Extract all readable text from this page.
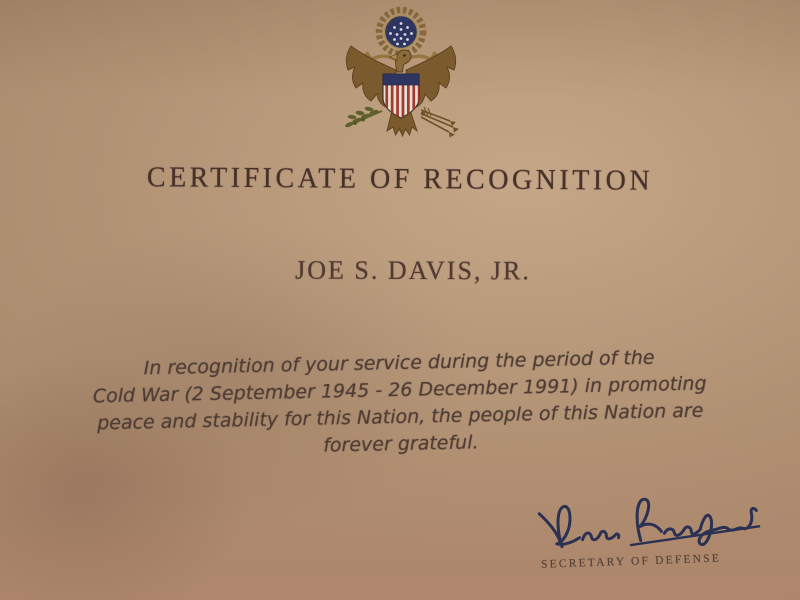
CERTIFICATE OF RECOGNITION
JOE S. DAVIS, JR.
In recognition of your service during the period of the
Cold War (2 September 1945 - 26 December 1991) in promoting
peace and stability for this Nation, the people of this Nation are
forever grateful.
SECRETARY OF DEFENSE
